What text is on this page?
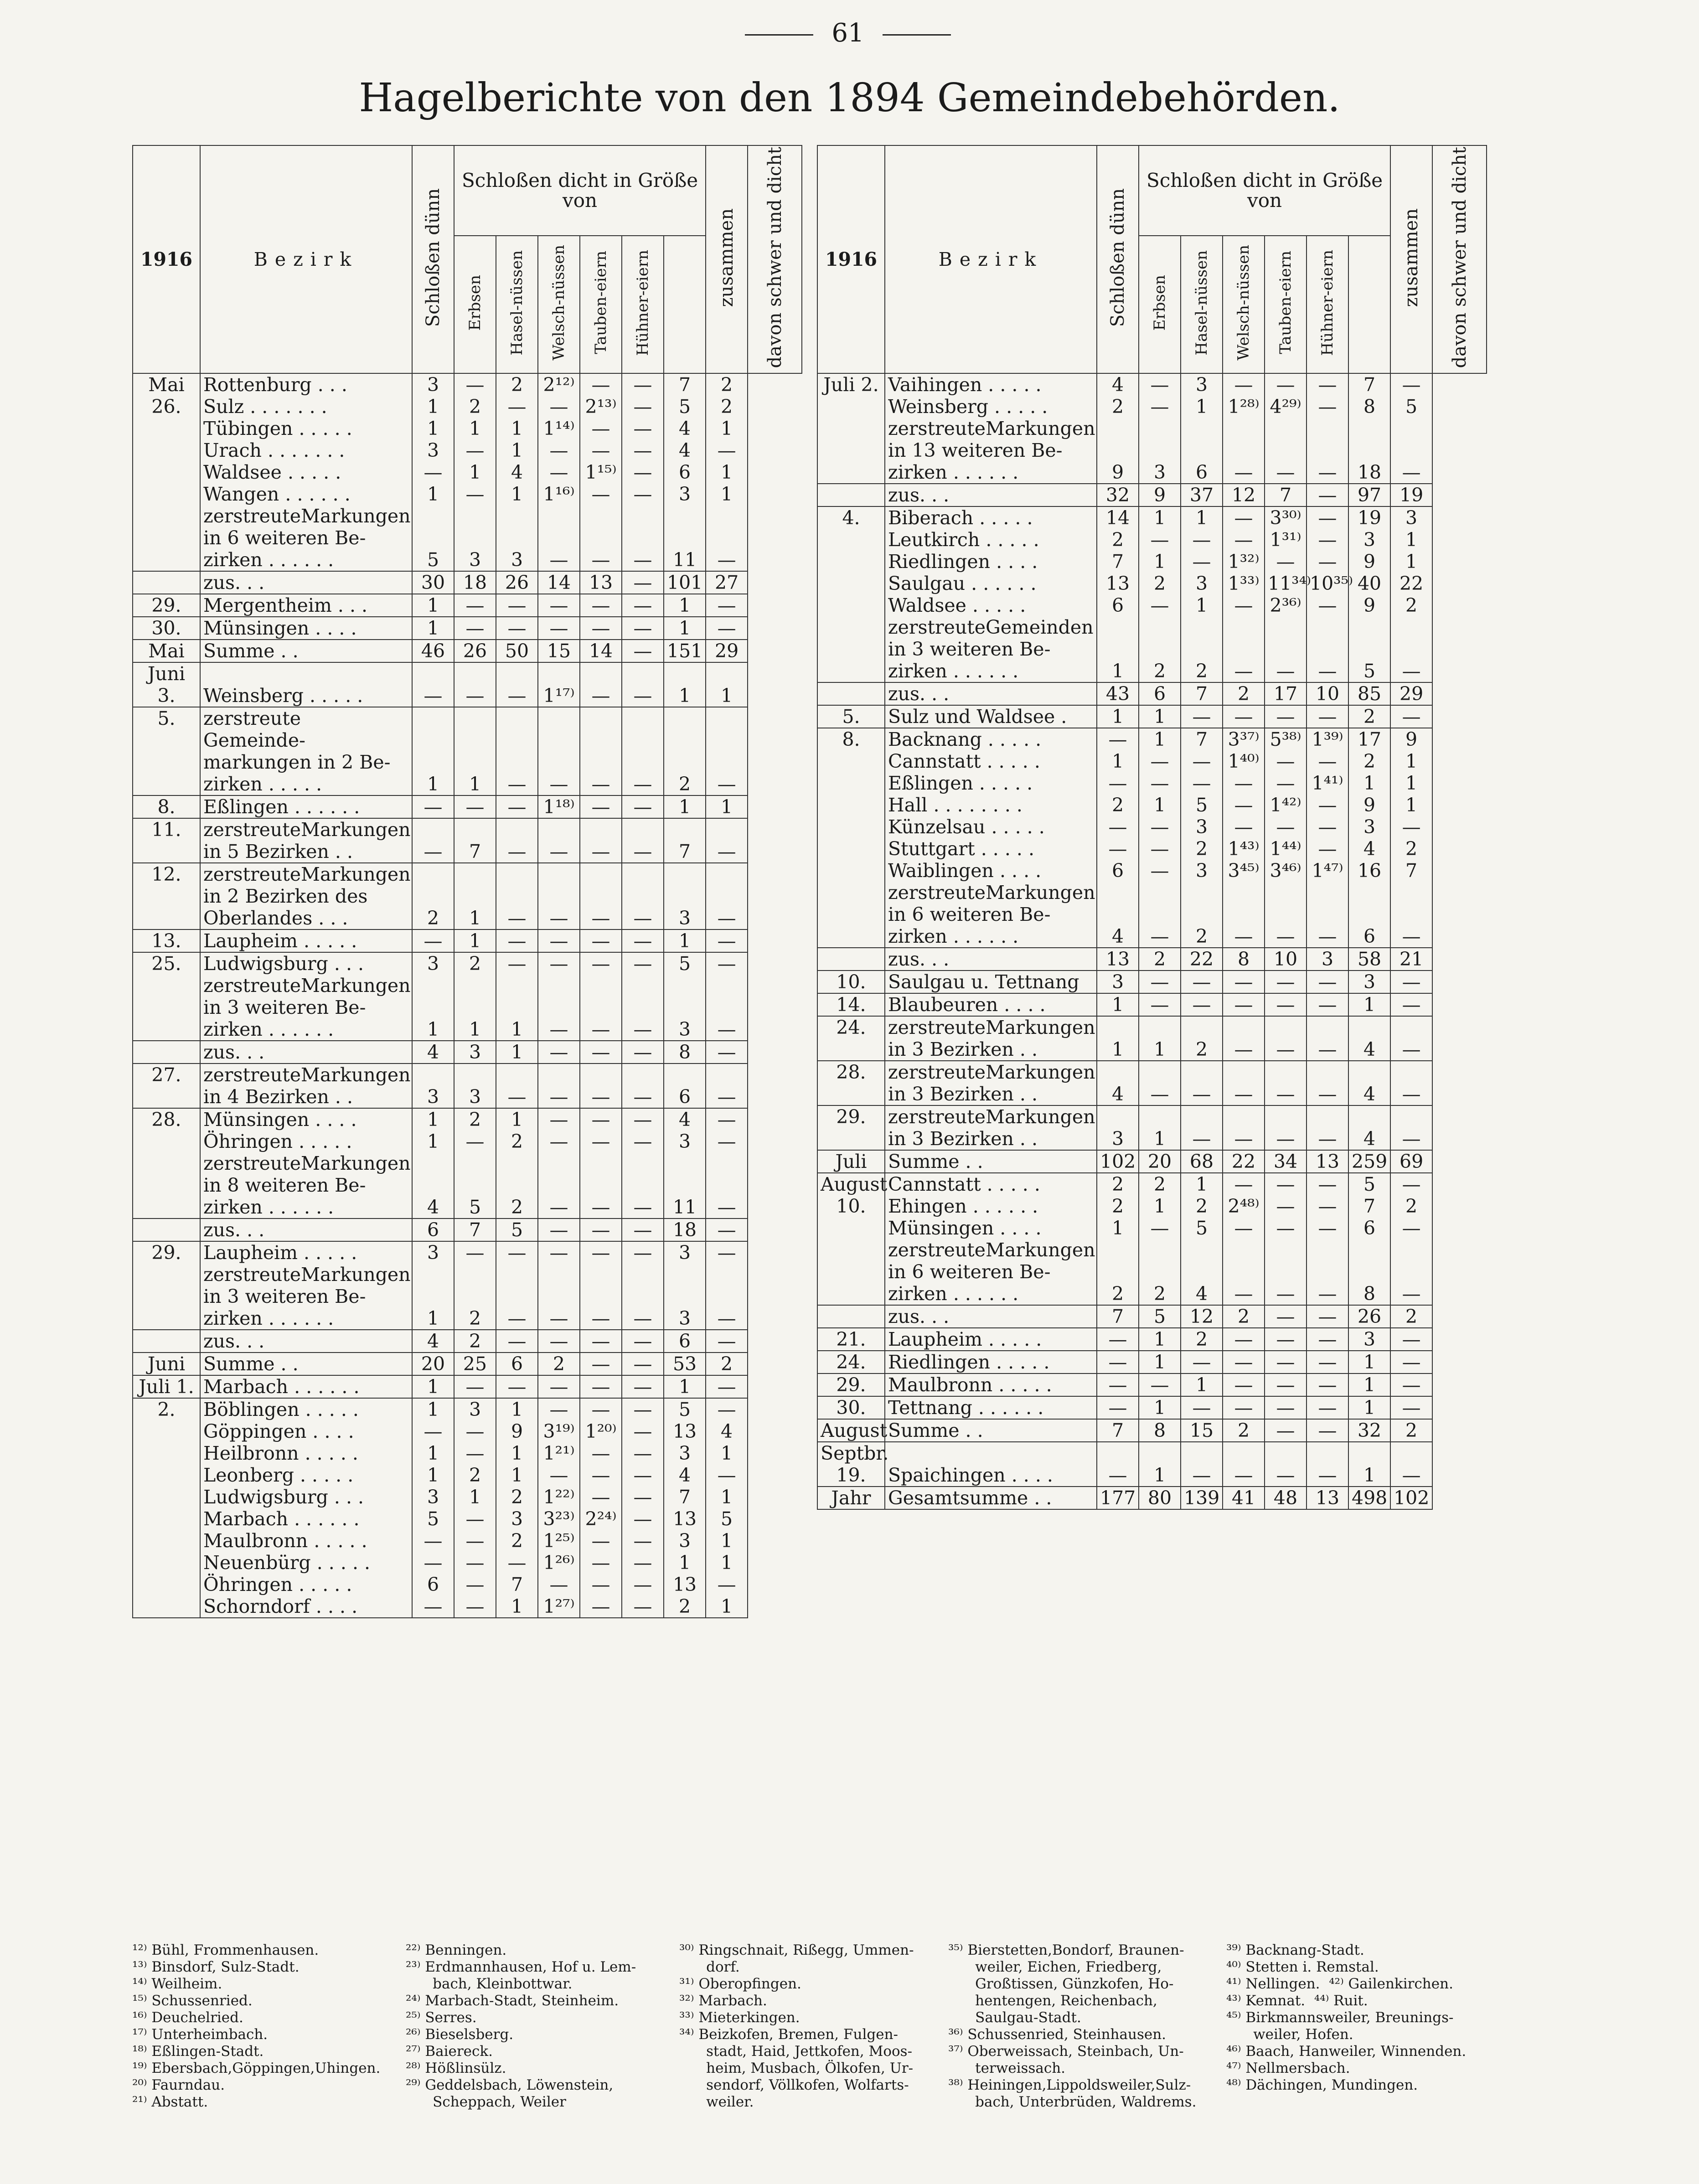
61
Hagelberichte von den 1894 Gemeindebehörden.
1916	Bezirk	Schloßen dünn	Schloßen dicht in Größe von						zusammen	davon schwer und dicht
			Erbsen	Hasel-nüssen	Welsch-nüssen	Tauben-eiern	Hühner-eiern			
Mai 26.	Rottenburg . . .	3	—	2	2¹²⁾	—	—	7	2	
	Sulz . . . . . . .	1	2	—	—	2¹³⁾	—	5	2	
	Tübingen . . . . .	1	1	1	1¹⁴⁾	—	—	4	1	
	Urach . . . . . . .	3	—	1	—	—	—	4	—	
	Waldsee . . . . .	—	1	4	—	1¹⁵⁾	—	6	1	
	Wangen . . . . . .	1	—	1	1¹⁶⁾	—	—	3	1	
	zerstreuteMarkungen									
	in 6 weiteren Be-									
	zirken . . . . . .	5	3	3	—	—	—	11	—	
	zus. . .	30	18	26	14	13	—	101	27	
29.	Mergentheim . . .	1	—	—	—	—	—	1	—	
30.	Münsingen . . . .	1	—	—	—	—	—	1	—	
Mai	Summe . .	46	26	50	15	14	—	151	29	
Juni 3.	Weinsberg . . . . .	—	—	—	1¹⁷⁾	—	—	1	1	
5.	zerstreute Gemeinde-									
	markungen in 2 Be-									
	zirken . . . . .	1	1	—	—	—	—	2	—	
8.	Eßlingen . . . . . .	—	—	—	1¹⁸⁾	—	—	1	1	
11.	zerstreuteMarkungen									
	in 5 Bezirken . .	—	7	—	—	—	—	7	—	
12.	zerstreuteMarkungen									
	in 2 Bezirken des									
	Oberlandes . . .	2	1	—	—	—	—	3	—	
13.	Laupheim . . . . .	—	1	—	—	—	—	1	—	
25.	Ludwigsburg . . .	3	2	—	—	—	—	5	—	
	zerstreuteMarkungen									
	in 3 weiteren Be-									
	zirken . . . . . .	1	1	1	—	—	—	3	—	
	zus. . .	4	3	1	—	—	—	8	—	
27.	zerstreuteMarkungen									
	in 4 Bezirken . .	3	3	—	—	—	—	6	—	
28.	Münsingen . . . .	1	2	1	—	—	—	4	—	
	Öhringen . . . . .	1	—	2	—	—	—	3	—	
	zerstreuteMarkungen									
	in 8 weiteren Be-									
	zirken . . . . . .	4	5	2	—	—	—	11	—	
	zus. . .	6	7	5	—	—	—	18	—	
29.	Laupheim . . . . .	3	—	—	—	—	—	3	—	
	zerstreuteMarkungen									
	in 3 weiteren Be-									
	zirken . . . . . .	1	2	—	—	—	—	3	—	
	zus. . .	4	2	—	—	—	—	6	—	
Juni	Summe . .	20	25	6	2	—	—	53	2	
Juli 1.	Marbach . . . . . .	1	—	—	—	—	—	1	—	
2.	Böblingen . . . . .	1	3	1	—	—	—	5	—	
	Göppingen . . . .	—	—	9	3¹⁹⁾	1²⁰⁾	—	13	4	
	Heilbronn . . . . .	1	—	1	1²¹⁾	—	—	3	1	
	Leonberg . . . . .	1	2	1	—	—	—	4	—	
	Ludwigsburg . . .	3	1	2	1²²⁾	—	—	7	1	
	Marbach . . . . . .	5	—	3	3²³⁾	2²⁴⁾	—	13	5	
	Maulbronn . . . . .	—	—	2	1²⁵⁾	—	—	3	1	
	Neuenbürg . . . . .	—	—	—	1²⁶⁾	—	—	1	1	
	Öhringen . . . . .	6	—	7	—	—	—	13	—	
	Schorndorf . . . .	—	—	1	1²⁷⁾	—	—	2	1	

1916	Bezirk	Schloßen dünn	Schloßen dicht in Größe von						zusammen	davon schwer und dicht
			Erbsen	Hasel-nüssen	Welsch-nüssen	Tauben-eiern	Hühner-eiern			
Juli 2.	Vaihingen . . . . .	4	—	3	—	—	—	7	—	
	Weinsberg . . . . .	2	—	1	1²⁸⁾	4²⁹⁾	—	8	5	
	zerstreuteMarkungen									
	in 13 weiteren Be-									
	zirken . . . . . .	9	3	6	—	—	—	18	—	
	zus. . .	32	9	37	12	7	—	97	19	
4.	Biberach . . . . .	14	1	1	—	3³⁰⁾	—	19	3	
	Leutkirch . . . . .	2	—	—	—	1³¹⁾	—	3	1	
	Riedlingen . . . .	7	1	—	1³²⁾	—	—	9	1	
	Saulgau . . . . . .	13	2	3	1³³⁾	11³⁴⁾	10³⁵⁾	40	22	
	Waldsee . . . . .	6	—	1	—	2³⁶⁾	—	9	2	
	zerstreuteGemeinden									
	in 3 weiteren Be-									
	zirken . . . . . .	1	2	2	—	—	—	5	—	
	zus. . .	43	6	7	2	17	10	85	29	
5.	Sulz und Waldsee .	1	1	—	—	—	—	2	—	
8.	Backnang . . . . .	—	1	7	3³⁷⁾	5³⁸⁾	1³⁹⁾	17	9	
	Cannstatt . . . . .	1	—	—	1⁴⁰⁾	—	—	2	1	
	Eßlingen . . . . .	—	—	—	—	—	1⁴¹⁾	1	1	
	Hall . . . . . . . .	2	1	5	—	1⁴²⁾	—	9	1	
	Künzelsau . . . . .	—	—	3	—	—	—	3	—	
	Stuttgart . . . . .	—	—	2	1⁴³⁾	1⁴⁴⁾	—	4	2	
	Waiblingen . . . .	6	—	3	3⁴⁵⁾	3⁴⁶⁾	1⁴⁷⁾	16	7	
	zerstreuteMarkungen									
	in 6 weiteren Be-									
	zirken . . . . . .	4	—	2	—	—	—	6	—	
	zus. . .	13	2	22	8	10	3	58	21	
10.	Saulgau u. Tettnang	3	—	—	—	—	—	3	—	
14.	Blaubeuren . . . .	1	—	—	—	—	—	1	—	
24.	zerstreuteMarkungen									
	in 3 Bezirken . .	1	1	2	—	—	—	4	—	
28.	zerstreuteMarkungen									
	in 3 Bezirken . .	4	—	—	—	—	—	4	—	
29.	zerstreuteMarkungen									
	in 3 Bezirken . .	3	1	—	—	—	—	4	—	
Juli	Summe . .	102	20	68	22	34	13	259	69	
August 10.	Cannstatt . . . . .	2	2	1	—	—	—	5	—	
	Ehingen . . . . . .	2	1	2	2⁴⁸⁾	—	—	7	2	
	Münsingen . . . .	1	—	5	—	—	—	6	—	
	zerstreuteMarkungen									
	in 6 weiteren Be-									
	zirken . . . . . .	2	2	4	—	—	—	8	—	
	zus. . .	7	5	12	2	—	—	26	2	
21.	Laupheim . . . . .	—	1	2	—	—	—	3	—	
24.	Riedlingen . . . . .	—	1	—	—	—	—	1	—	
29.	Maulbronn . . . . .	—	—	1	—	—	—	1	—	
30.	Tettnang . . . . . .	—	1	—	—	—	—	1	—	
August	Summe . .	7	8	15	2	—	—	32	2	
Septbr. 19.	Spaichingen . . . .	—	1	—	—	—	—	1	—	
Jahr	Gesamtsumme . .	177	80	139	41	48	13	498	102	

¹²⁾ Bühl, Frommenhausen.
¹³⁾ Binsdorf, Sulz-Stadt.
¹⁴⁾ Weilheim.
¹⁵⁾ Schussenried.
¹⁶⁾ Deuchelried.
¹⁷⁾ Unterheimbach.
¹⁸⁾ Eßlingen-Stadt.
¹⁹⁾ Ebersbach,Göppingen,Uhingen.
²⁰⁾ Faurndau.
²¹⁾ Abstatt.
²²⁾ Benningen.
²³⁾ Erdmannhausen, Hof u. Lem-
bach, Kleinbottwar.
²⁴⁾ Marbach-Stadt, Steinheim.
²⁵⁾ Serres.
²⁶⁾ Bieselsberg.
²⁷⁾ Baiereck.
²⁸⁾ Hößlinsülz.
²⁹⁾ Geddelsbach, Löwenstein,
Scheppach, Weiler
³⁰⁾ Ringschnait, Rißegg, Ummen-
dorf.
³¹⁾ Oberopfingen.
³²⁾ Marbach.
³³⁾ Mieterkingen.
³⁴⁾ Beizkofen, Bremen, Fulgen-
stadt, Haid, Jettkofen, Moos-
heim, Musbach, Ölkofen, Ur-
sendorf, Völlkofen, Wolfarts-
weiler.
³⁵⁾ Bierstetten,Bondorf, Braunen-
weiler, Eichen, Friedberg,
Großtissen, Günzkofen, Ho-
hentengen, Reichenbach,
Saulgau-Stadt.
³⁶⁾ Schussenried, Steinhausen.
³⁷⁾ Oberweissach, Steinbach, Un-
terweissach.
³⁸⁾ Heiningen,Lippoldsweiler,Sulz-
bach, Unterbrüden, Waldrems.
³⁹⁾ Backnang-Stadt.
⁴⁰⁾ Stetten i. Remstal.
⁴¹⁾ Nellingen.  ⁴²⁾ Gailenkirchen.
⁴³⁾ Kemnat.  ⁴⁴⁾ Ruit.
⁴⁵⁾ Birkmannsweiler, Breunings-
weiler, Hofen.
⁴⁶⁾ Baach, Hanweiler, Winnenden.
⁴⁷⁾ Nellmersbach.
⁴⁸⁾ Dächingen, Mundingen.
